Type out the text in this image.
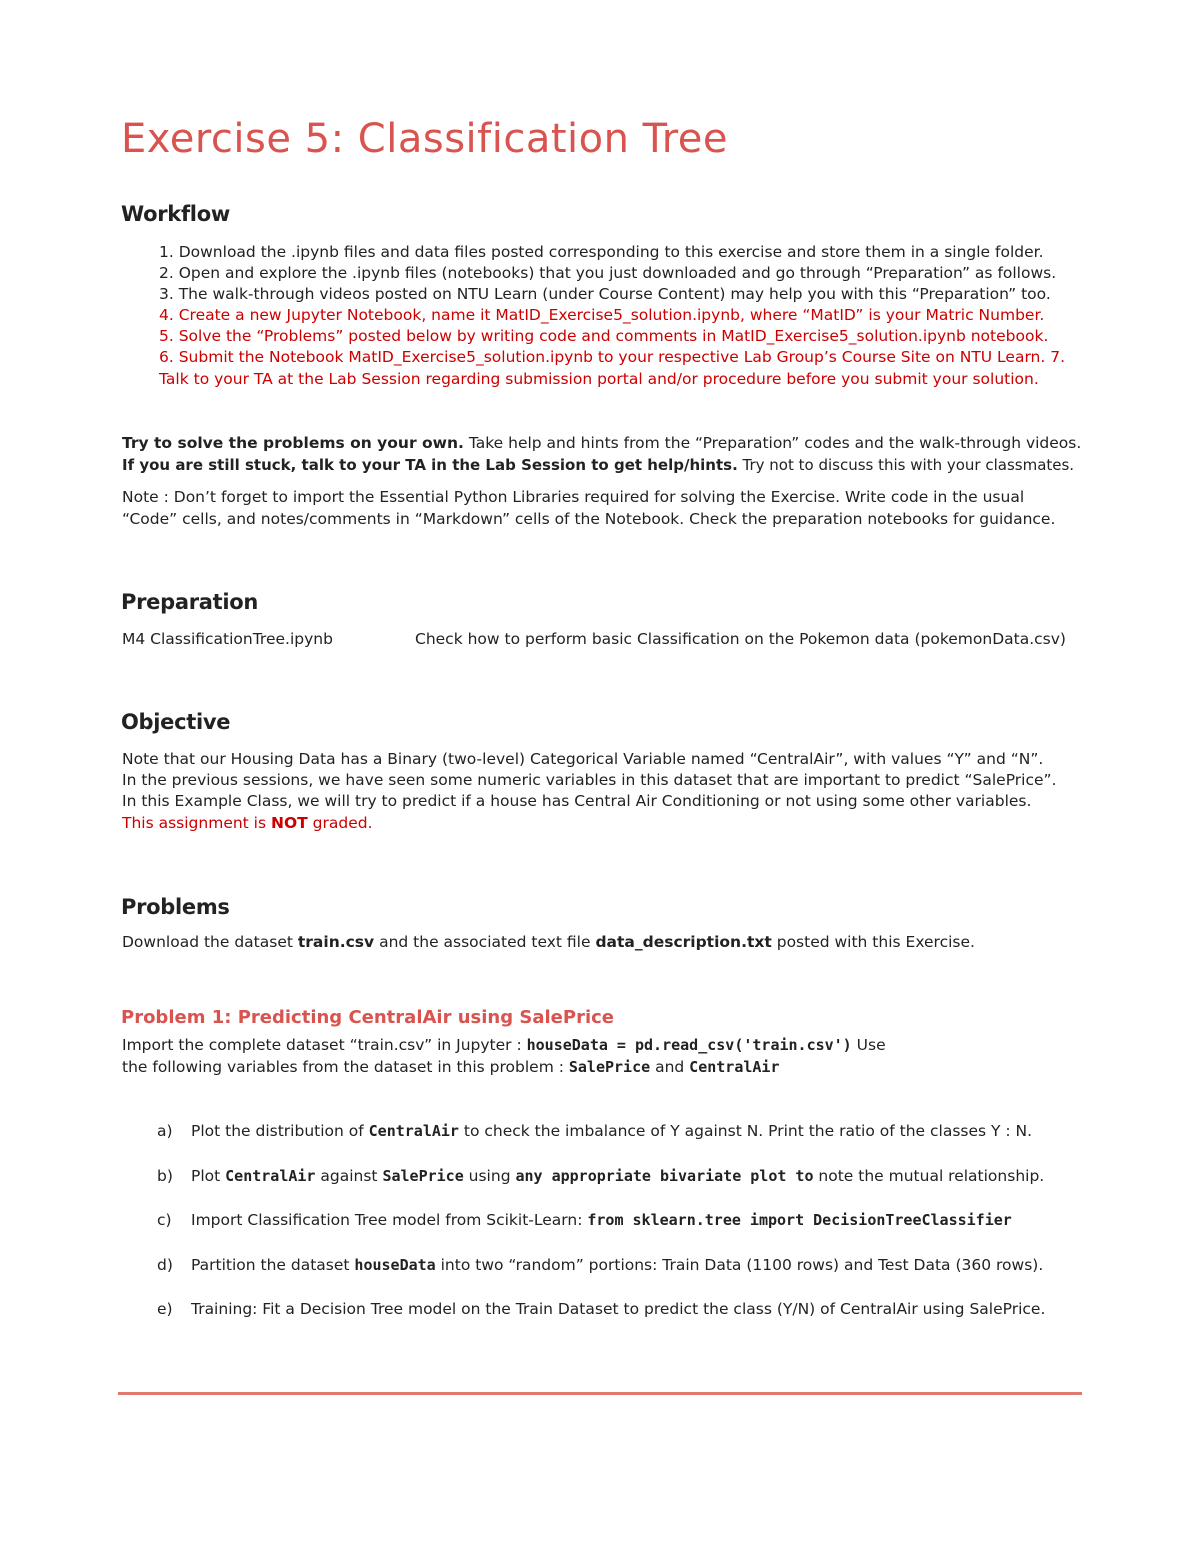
Exercise 5: Classification Tree
Workflow
1. Download the .ipynb files and data files posted corresponding to this exercise and store them in a single folder.
2. Open and explore the .ipynb files (notebooks) that you just downloaded and go through “Preparation” as follows.
3. The walk-through videos posted on NTU Learn (under Course Content) may help you with this “Preparation” too.
4. Create a new Jupyter Notebook, name it MatID_Exercise5_solution.ipynb, where “MatID” is your Matric Number.
5. Solve the “Problems” posted below by writing code and comments in MatID_Exercise5_solution.ipynb notebook.
6. Submit the Notebook MatID_Exercise5_solution.ipynb to your respective Lab Group’s Course Site on NTU Learn. 7.
Talk to your TA at the Lab Session regarding submission portal and/or procedure before you submit your solution.
Try to solve the problems on your own. Take help and hints from the “Preparation” codes and the walk-through videos.
If you are still stuck, talk to your TA in the Lab Session to get help/hints. Try not to discuss this with your classmates.
Note : Don’t forget to import the Essential Python Libraries required for solving the Exercise. Write code in the usual
“Code” cells, and notes/comments in “Markdown” cells of the Notebook. Check the preparation notebooks for guidance.
Preparation
M4 ClassificationTree.ipynb	Check how to perform basic Classification on the Pokemon data (pokemonData.csv)
Objective
Note that our Housing Data has a Binary (two-level) Categorical Variable named “CentralAir”, with values “Y” and “N”.
In the previous sessions, we have seen some numeric variables in this dataset that are important to predict “SalePrice”.
In this Example Class, we will try to predict if a house has Central Air Conditioning or not using some other variables.
This assignment is NOT graded.
Problems
Download the dataset train.csv and the associated text file data_description.txt posted with this Exercise.
Problem 1: Predicting CentralAir using SalePrice
Import the complete dataset “train.csv” in Jupyter : houseData = pd.read_csv('train.csv') Use
the following variables from the dataset in this problem : SalePrice and CentralAir
a)	Plot the distribution of CentralAir to check the imbalance of Y against N. Print the ratio of the classes Y : N.
b)	Plot CentralAir against SalePrice using any appropriate bivariate plot to note the mutual relationship.
c)	Import Classification Tree model from Scikit-Learn: from sklearn.tree import DecisionTreeClassifier
d)	Partition the dataset houseData into two “random” portions: Train Data (1100 rows) and Test Data (360 rows).
e)	Training: Fit a Decision Tree model on the Train Dataset to predict the class (Y/N) of CentralAir using SalePrice.
